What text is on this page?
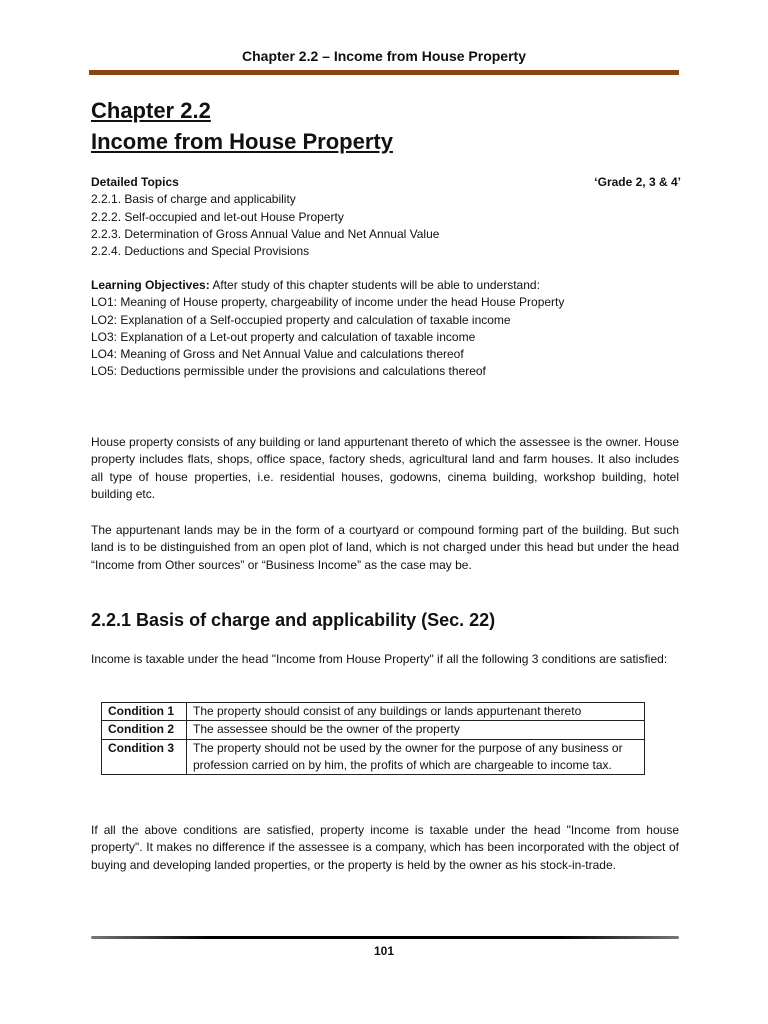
Chapter 2.2 – Income from House Property
Chapter 2.2
Income from House Property
Detailed Topics	‘Grade 2, 3 & 4’
2.2.1. Basis of charge and applicability
2.2.2. Self-occupied and let-out House Property
2.2.3. Determination of Gross Annual Value and Net Annual Value
2.2.4. Deductions and Special Provisions
Learning Objectives: After study of this chapter students will be able to understand:
LO1: Meaning of House property, chargeability of income under the head House Property
LO2: Explanation of a Self-occupied property and calculation of taxable income
LO3: Explanation of a Let-out property and calculation of taxable income
LO4: Meaning of Gross and Net Annual Value and calculations thereof
LO5: Deductions permissible under the provisions and calculations thereof

House property consists of any building or land appurtenant thereto of which the assessee is the owner. House property includes flats, shops, office space, factory sheds, agricultural land and farm houses. It also includes all type of house properties, i.e. residential houses, godowns, cinema building, workshop building, hotel building etc.

The appurtenant lands may be in the form of a courtyard or compound forming part of the building. But such land is to be distinguished from an open plot of land, which is not charged under this head but under the head “Income from Other sources” or “Business Income” as the case may be.

2.2.1 Basis of charge and applicability (Sec. 22)

Income is taxable under the head "Income from House Property" if all the following 3 conditions are satisfied:

Condition 1	The property should consist of any buildings or lands appurtenant thereto
Condition 2	The assessee should be the owner of the property
Condition 3	The property should not be used by the owner for the purpose of any business or profession carried on by him, the profits of which are chargeable to income tax.

If all the above conditions are satisfied, property income is taxable under the head "Income from house property". It makes no difference if the assessee is a company, which has been incorporated with the object of buying and developing landed properties, or the property is held by the owner as his stock-in-trade.

101
